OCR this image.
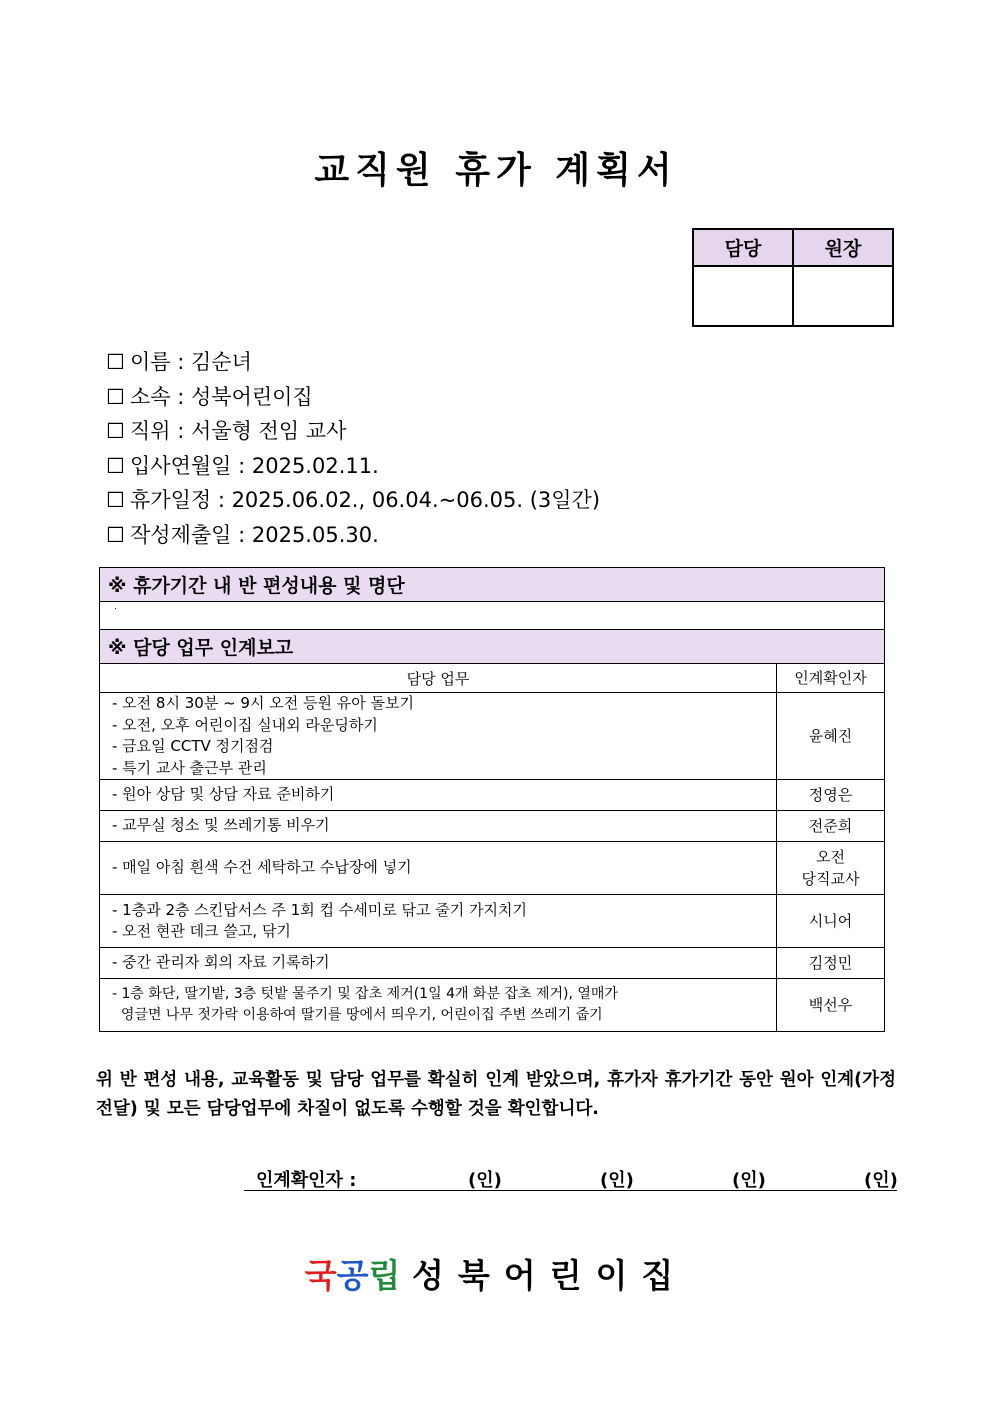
교직원 휴가 계획서
담당	원장

☐ 이름 : 김순녀
☐ 소속 : 성북어린이집
☐ 직위 : 서울형 전임 교사
☐ 입사연월일 : 2025.02.11.
☐ 휴가일정 : 2025.06.02., 06.04.~06.05. (3일간)
☐ 작성제출일 : 2025.05.30.
※ 휴가기간 내 반 편성내용 및 명단	
.	
※ 담당 업무 인계보고	
담당 업무	인계확인자

- 오전 8시 30분 ~ 9시 오전 등원 유아 돌보기
- 오전, 오후 어린이집 실내외 라운딩하기
- 금요일 CCTV 정기점검
- 특기 교사 출근부 관리	윤혜진

- 원아 상담 및 상담 자료 준비하기	정영은

- 교무실 청소 및 쓰레기통 비우기	전준희

- 매일 아침 흰색 수건 세탁하고 수납장에 넣기	오전
당직교사

- 1층과 2층 스킨답서스 주 1회 컵 수세미로 닦고 줄기 가지치기
- 오전 현관 데크 쓸고, 닦기	시니어

- 중간 관리자 회의 자료 기록하기	김정민

- 1층 화단, 딸기밭, 3층 텃밭 물주기 및 잡초 제거(1일 4개 화분 잡초 제거), 열매가
영글면 나무 젓가락 이용하여 딸기를 땅에서 띄우기, 어린이집 주변 쓰레기 줍기	백선우
위 반 편성 내용, 교육활동 및 담당 업무를 확실히 인계 받았으며, 휴가자 휴가기간 동안 원아 인계(가정전달) 및 모든 담당업무에 차질이 없도록 수행할 것을 확인합니다.
인계확인자 :	(인)	(인)	(인)	(인)
국공립 성북어린이집
